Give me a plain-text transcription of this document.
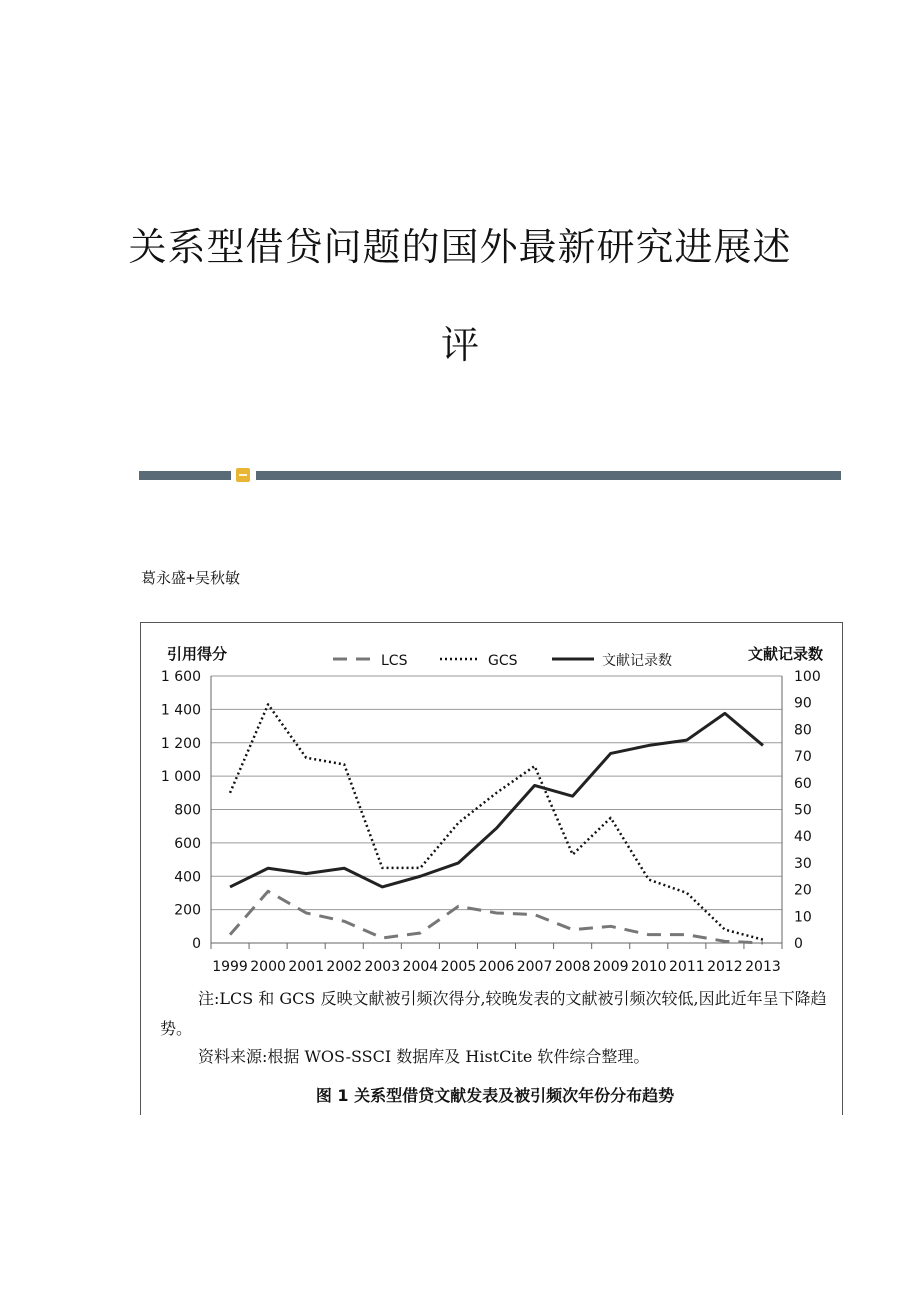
关系型借贷问题的国外最新研究进展述
评
葛永盛+吴秋敏
引用得分	文献记录数
LCS	GCS	文献记录数
0
200
400
600
800
1 000
1 200
1 400
1 600
0
10
20
30
40
50
60
70
80
90
100
1999 2000 2001 2002 2003 2004 2005 2006 2007 2008 2009 2010 2011 2012 2013
注:LCS 和 GCS 反映文献被引频次得分,较晚发表的文献被引频次较低,因此近年呈下降趋势。
资料来源:根据 WOS-SSCI 数据库及 HistCite 软件综合整理。
图 1 关系型借贷文献发表及被引频次年份分布趋势
